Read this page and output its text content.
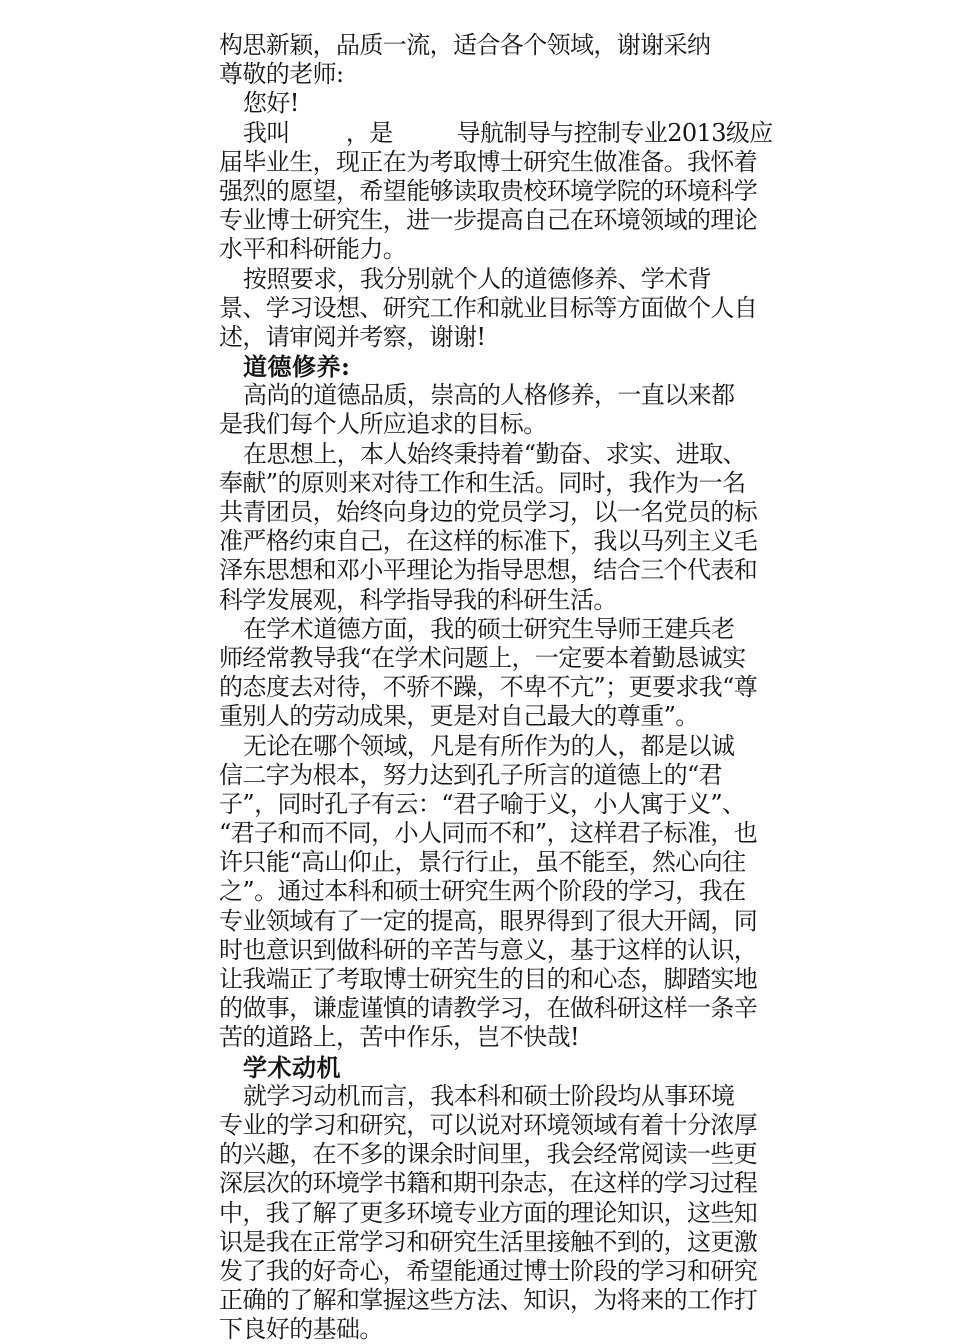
构思新颖，品质一流，适合各个领域，谢谢采纳

尊敬的老师:

您好!

我叫 ，是	导航制导与控制专业2013级应

届毕业生，现正在为考取博士研究生做准备。我怀着

强烈的愿望，希望能够读取贵校环境学院的环境科学

专业博士研究生，进一步提高自己在环境领域的理论

水平和科研能力。

按照要求，我分别就个人的道德修养、学术背

景、学习设想、研究工作和就业目标等方面做个人自

述，请审阅并考察，谢谢!

道德修养:

高尚的道德品质，崇高的人格修养，一直以来都

是我们每个人所应追求的目标。

在思想上，本人始终秉持着“勤奋、求实、进取、

奉献”的原则来对待工作和生活。同时，我作为一名

共青团员，始终向身边的党员学习，以一名党员的标

准严格约束自己，在这样的标准下，我以马列主义毛

泽东思想和邓小平理论为指导思想，结合三个代表和

科学发展观，科学指导我的科研生活。

在学术道德方面，我的硕士研究生导师王建兵老

师经常教导我“在学术问题上，一定要本着勤恳诚实

的态度去对待，不骄不躁，不卑不亢”；更要求我“尊

重别人的劳动成果，更是对自己最大的尊重”。

无论在哪个领域，凡是有所作为的人，都是以诚

信二字为根本，努力达到孔子所言的道德上的“君

子”，同时孔子有云：“君子喻于义，小人寓于义”、

“君子和而不同，小人同而不和”，这样君子标准，也

许只能“高山仰止，景行行止，虽不能至，然心向往

之”。通过本科和硕士研究生两个阶段的学习，我在

专业领域有了一定的提高，眼界得到了很大开阔，同

时也意识到做科研的辛苦与意义，基于这样的认识，

让我端正了考取博士研究生的目的和心态，脚踏实地

的做事，谦虚谨慎的请教学习，在做科研这样一条辛

苦的道路上，苦中作乐，岂不快哉!

学术动机

就学习动机而言，我本科和硕士阶段均从事环境

专业的学习和研究，可以说对环境领域有着十分浓厚

的兴趣，在不多的课余时间里，我会经常阅读一些更

深层次的环境学书籍和期刊杂志，在这样的学习过程

中，我了解了更多环境专业方面的理论知识，这些知

识是我在正常学习和研究生活里接触不到的，这更激

发了我的好奇心，希望能通过博士阶段的学习和研究

正确的了解和掌握这些方法、知识，为将来的工作打

下良好的基础。
